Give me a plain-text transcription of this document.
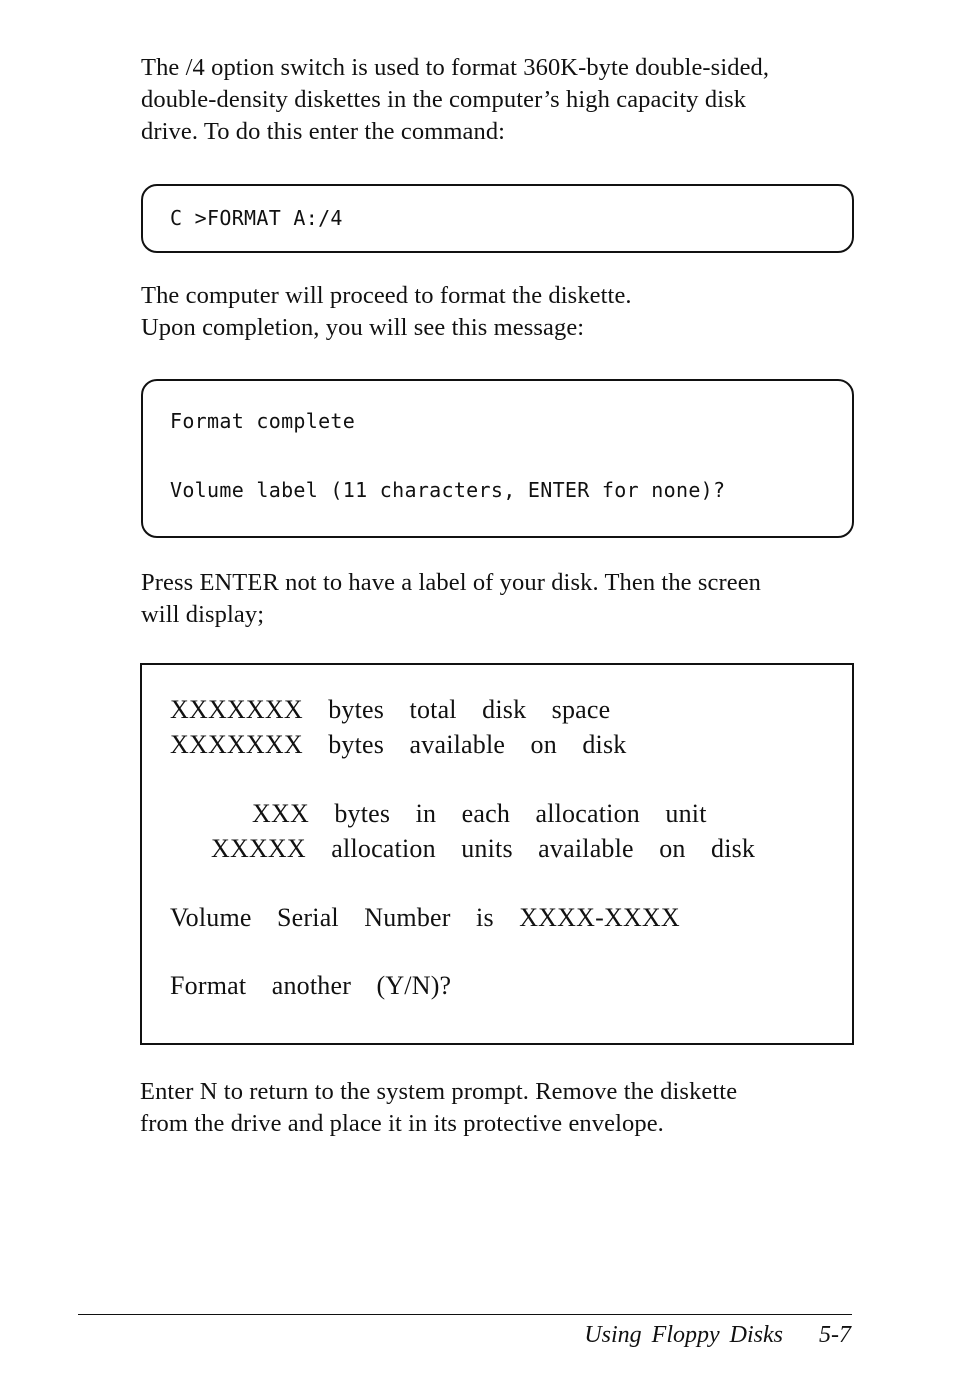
The /4 option switch is used to format 360K-byte double-sided,
double-density diskettes in the computer’s high capacity disk
drive. To do this enter the command:
C >FORMAT A:/4
The computer will proceed to format the diskette.
Upon completion, you will see this message:
Format complete
Volume label (11 characters, ENTER for none)?
Press ENTER not to have a label of your disk. Then the screen
will display;
XXXXXXX  bytes  total  disk  space
XXXXXXX  bytes  available  on  disk
XXX  bytes  in  each  allocation  unit
XXXXX  allocation  units  available  on  disk
Volume  Serial  Number  is  XXXX-XXXX
Format  another  (Y/N)?
Enter N to return to the system prompt. Remove the diskette
from the drive and place it in its protective envelope.
Using Floppy Disks 5-7
